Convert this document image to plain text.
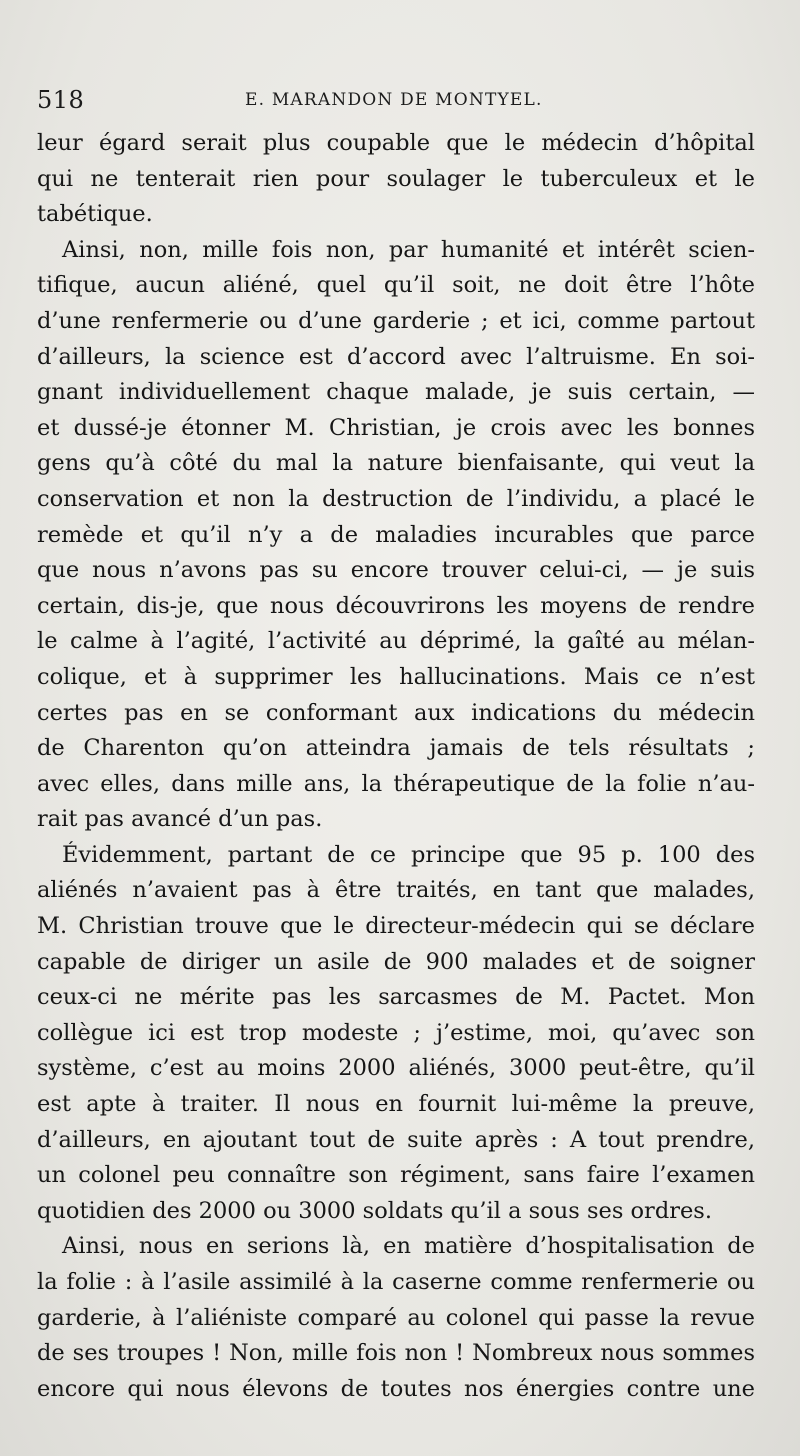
518	E. MARANDON DE MONTYEL.
leur égard serait plus coupable que le médecin d’hôpital
qui ne tenterait rien pour soulager le tuberculeux et le
tabétique.
Ainsi, non, mille fois non, par humanité et intérêt scien-
tifique, aucun aliéné, quel qu’il soit, ne doit être l’hôte
d’une renfermerie ou d’une garderie ; et ici, comme partout
d’ailleurs, la science est d’accord avec l’altruisme. En soi-
gnant individuellement chaque malade, je suis certain, —
et dussé-je étonner M. Christian, je crois avec les bonnes
gens qu’à côté du mal la nature bienfaisante, qui veut la
conservation et non la destruction de l’individu, a placé le
remède et qu’il n’y a de maladies incurables que parce
que nous n’avons pas su encore trouver celui-ci, — je suis
certain, dis-je, que nous découvrirons les moyens de rendre
le calme à l’agité, l’activité au déprimé, la gaîté au mélan-
colique, et à supprimer les hallucinations. Mais ce n’est
certes pas en se conformant aux indications du médecin
de Charenton qu’on atteindra jamais de tels résultats ;
avec elles, dans mille ans, la thérapeutique de la folie n’au-
rait pas avancé d’un pas.
Évidemment, partant de ce principe que 95 p. 100 des
aliénés n’avaient pas à être traités, en tant que malades,
M. Christian trouve que le directeur-médecin qui se déclare
capable de diriger un asile de 900 malades et de soigner
ceux-ci ne mérite pas les sarcasmes de M. Pactet. Mon
collègue ici est trop modeste ; j’estime, moi, qu’avec son
système, c’est au moins 2000 aliénés, 3000 peut-être, qu’il
est apte à traiter. Il nous en fournit lui-même la preuve,
d’ailleurs, en ajoutant tout de suite après : A tout prendre,
un colonel peu connaître son régiment, sans faire l’examen
quotidien des 2000 ou 3000 soldats qu’il a sous ses ordres.
Ainsi, nous en serions là, en matière d’hospitalisation de
la folie : à l’asile assimilé à la caserne comme renfermerie ou
garderie, à l’aliéniste comparé au colonel qui passe la revue
de ses troupes ! Non, mille fois non ! Nombreux nous sommes
encore qui nous élevons de toutes nos énergies contre une
